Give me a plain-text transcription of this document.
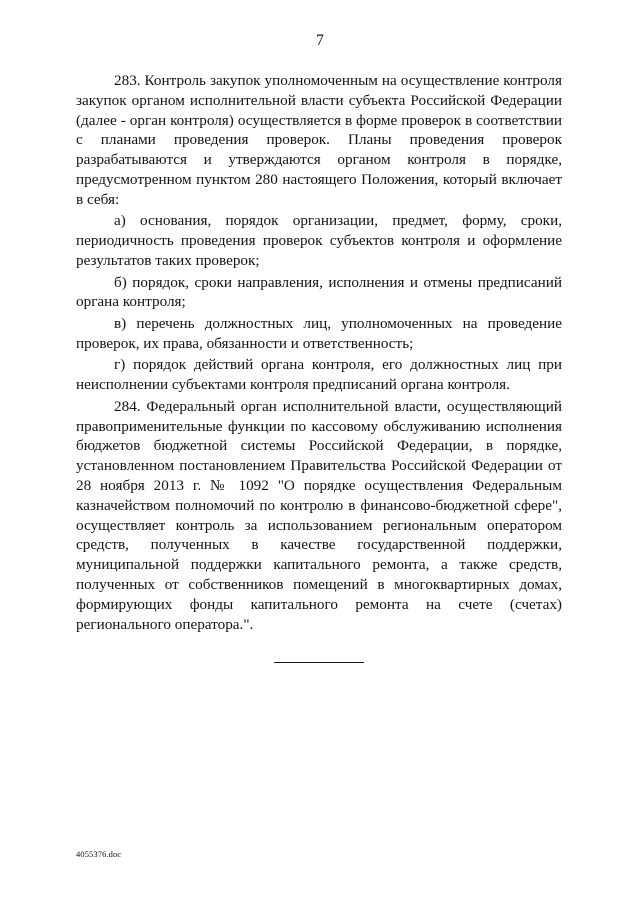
7

283. Контроль закупок уполномоченным на осуществление контроля закупок органом исполнительной власти субъекта Российской Федерации (далее - орган контроля) осуществляется в форме проверок в соответствии с планами проведения проверок. Планы проведения проверок разрабатываются и утверждаются органом контроля в порядке, предусмотренном пунктом 280 настоящего Положения, который включает в себя:

а) основания, порядок организации, предмет, форму, сроки, периодичность проведения проверок субъектов контроля и оформление результатов таких проверок;

б) порядок, сроки направления, исполнения и отмены предписаний органа контроля;

в) перечень должностных лиц, уполномоченных на проведение проверок, их права, обязанности и ответственность;

г) порядок действий органа контроля, его должностных лиц при неисполнении субъектами контроля предписаний органа контроля.

284. Федеральный орган исполнительной власти, осуществляющий правоприменительные функции по кассовому обслуживанию исполнения бюджетов бюджетной системы Российской Федерации, в порядке, установленном постановлением Правительства Российской Федерации от 28 ноября 2013 г. № 1092 "О порядке осуществления Федеральным казначейством полномочий по контролю в финансово-бюджетной сфере", осуществляет контроль за использованием региональным оператором средств, полученных в качестве государственной поддержки, муниципальной поддержки капитального ремонта, а также средств, полученных от собственников помещений в многоквартирных домах, формирующих фонды капитального ремонта на счете (счетах) регионального оператора.".

4055376.doc
